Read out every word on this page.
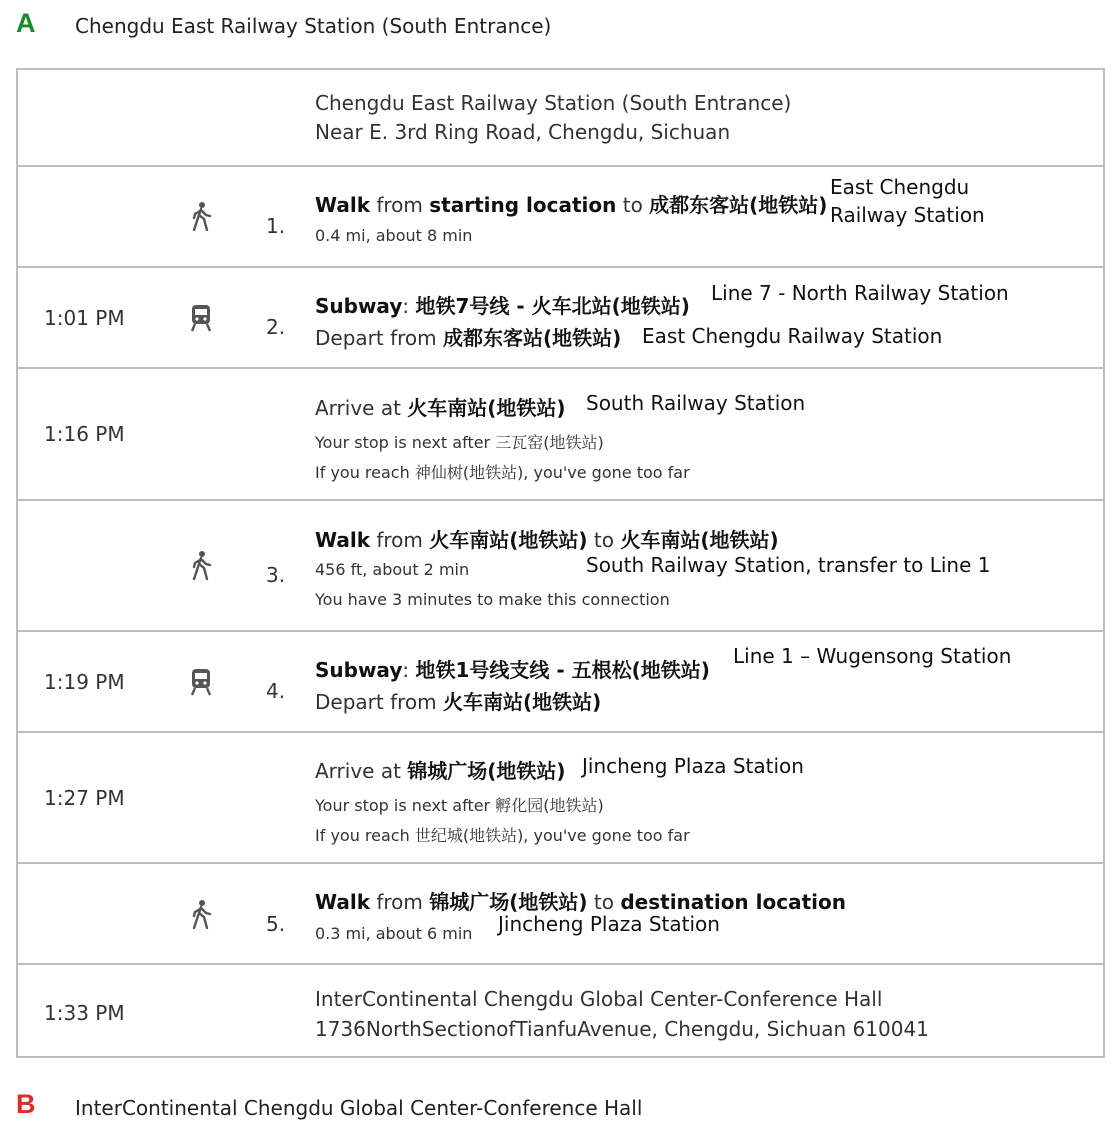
A Chengdu East Railway Station (South Entrance)
Chengdu East Railway Station (South Entrance)
Near E. 3rd Ring Road, Chengdu, Sichuan
1.
Walk from starting location to 成都东客站(地铁站)
0.4 mi, about 8 min
East Chengdu
Railway Station
1:01 PM	2.
Subway: 地铁7号线 - 火车北站(地铁站)
Depart from 成都东客站(地铁站)
Line 7 - North Railway Station
East Chengdu Railway Station
1:16 PM
Arrive at 火车南站(地铁站)
Your stop is next after 三瓦窑(地铁站)
If you reach 神仙树(地铁站), you've gone too far
South Railway Station
3.
Walk from 火车南站(地铁站) to 火车南站(地铁站)
456 ft, about 2 min
You have 3 minutes to make this connection
South Railway Station, transfer to Line 1
1:19 PM	4.
Subway: 地铁1号线支线 - 五根松(地铁站)
Depart from 火车南站(地铁站)
Line 1 – Wugensong Station
1:27 PM
Arrive at 锦城广场(地铁站)
Your stop is next after 孵化园(地铁站)
If you reach 世纪城(地铁站), you've gone too far
Jincheng Plaza Station
5.
Walk from 锦城广场(地铁站) to destination location
0.3 mi, about 6 min Jincheng Plaza Station
1:33 PM
InterContinental Chengdu Global Center-Conference Hall
1736NorthSectionofTianfuAvenue, Chengdu, Sichuan 610041
B InterContinental Chengdu Global Center-Conference Hall
